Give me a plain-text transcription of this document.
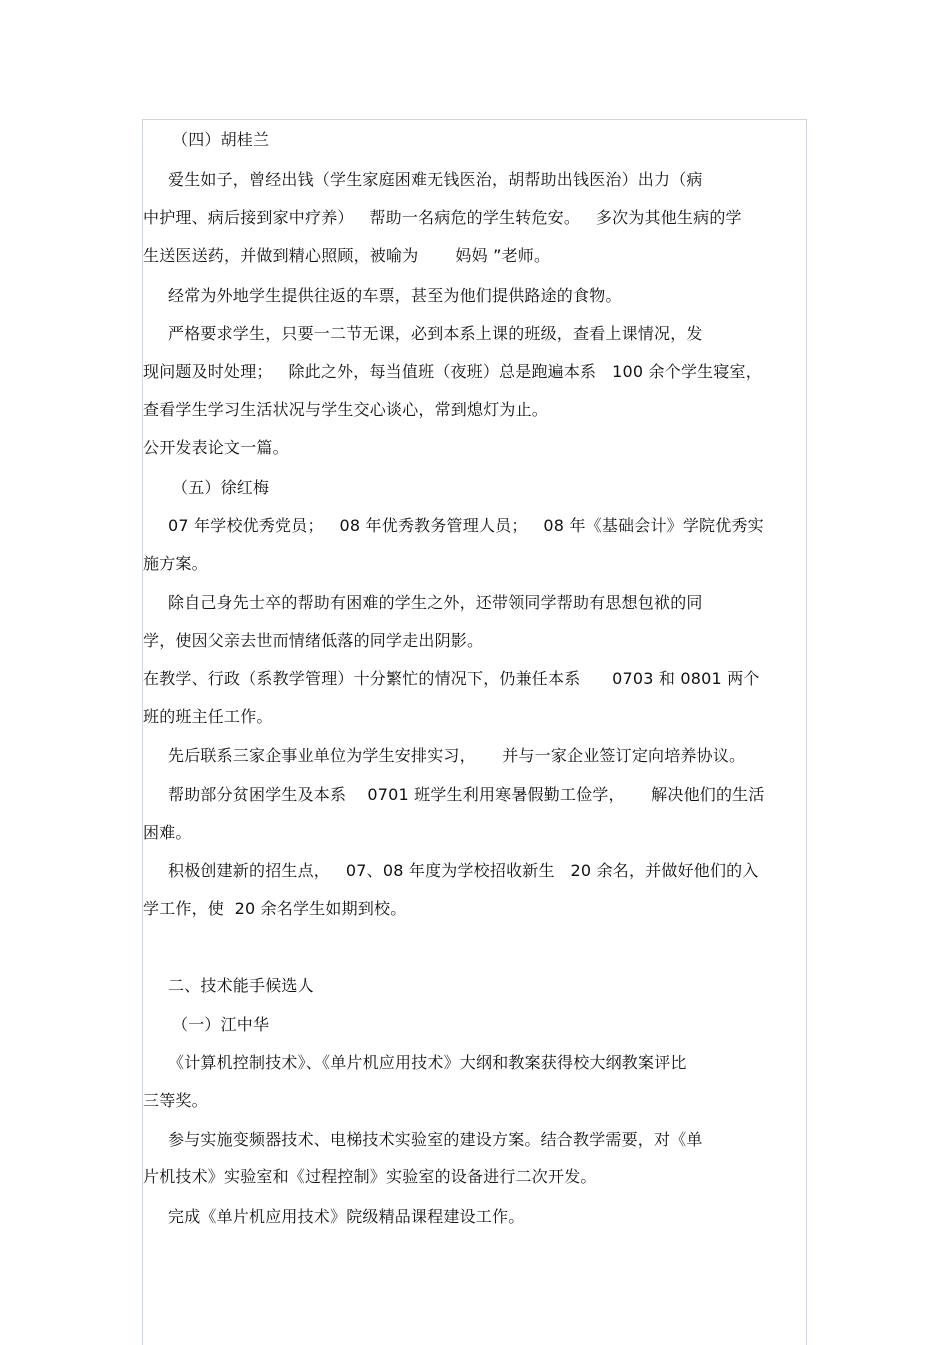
（四）胡桂兰
爱生如子，曾经出钱（学生家庭困难无钱医治，胡帮助出钱医治）出力（病
中护理、病后接到家中疗养）   帮助一名病危的学生转危安。   多次为其他生病的学
生送医送药，并做到精心照顾，被喻为       妈妈 ”老师。
经常为外地学生提供往返的车票，甚至为他们提供路途的食物。
严格要求学生，只要一二节无课，必到本系上课的班级，查看上课情况，发
现问题及时处理；   除此之外，每当值班（夜班）总是跑遍本系   100 余个学生寝室，
查看学生学习生活状况与学生交心谈心，常到熄灯为止。
公开发表论文一篇。
（五）徐红梅
07 年学校优秀党员；   08 年优秀教务管理人员；   08 年《基础会计》学院优秀实
施方案。
除自己身先士卒的帮助有困难的学生之外，还带领同学帮助有思想包袱的同
学，使因父亲去世而情绪低落的同学走出阴影。
在教学、行政（系教学管理）十分繁忙的情况下，仍兼任本系      0703 和 0801 两个
班的班主任工作。
先后联系三家企事业单位为学生安排实习，     并与一家企业签订定向培养协议。
帮助部分贫困学生及本系    0701 班学生利用寒暑假勤工俭学，     解决他们的生活
困难。
积极创建新的招生点，   07、08 年度为学校招收新生   20 余名，并做好他们的入
学工作，使  20 余名学生如期到校。
二、技术能手候选人
（一）江中华
《计算机控制技术》、《单片机应用技术》大纲和教案获得校大纲教案评比
三等奖。
参与实施变频器技术、电梯技术实验室的建设方案。结合教学需要，对《单
片机技术》实验室和《过程控制》实验室的设备进行二次开发。
完成《单片机应用技术》院级精品课程建设工作。
